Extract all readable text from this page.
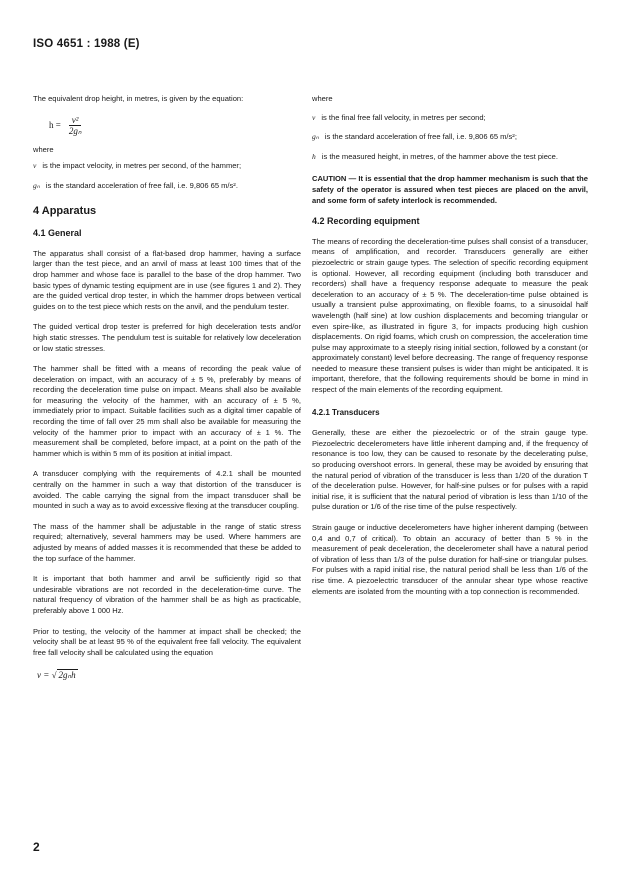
ISO 4651 : 1988 (E)

The equivalent drop height, in metres, is given by the equation:

$h = \frac{\text{v²}}{\text{2gₙ}}$

where

v is the impact velocity, in metres per second, of the hammer;
gₙ is the standard acceleration of free fall, i.e. 9,806 65 m/s².
4 Apparatus
4.1 General

The apparatus shall consist of a flat-based drop hammer, having a surface larger than the test piece, and an anvil of mass at least 100 times that of the drop hammer and whose face is parallel to the base of the drop hammer. Two basic types of dynamic testing equipment are in use (see figures 1 and 2). They are the guided vertical drop tester, in which the hammer drops between vertical guides on to the test piece which rests on the anvil, and the pendulum tester.

The guided vertical drop tester is preferred for high deceleration tests and/or high static stresses. The pendulum test is suitable for relatively low deceleration or low static stresses.

The hammer shall be fitted with a means of recording the peak value of deceleration on impact, with an accuracy of ± 5 %, preferably by means of recording the deceleration time pulse on impact. Means shall also be available for measuring the velocity of the hammer, with an accuracy of ± 5 %, immediately prior to impact. Suitable facilities such as a digital timer capable of recording the time of fall over 25 mm shall also be available for measuring the velocity of the hammer prior to impact with an accuracy of ± 1 %. The measurement shall be completed, before impact, at a point on the path of the hammer which is within 5 mm of its position at initial impact.

A transducer complying with the requirements of 4.2.1 shall be mounted centrally on the hammer in such a way that distortion of the transducer is avoided. The cable carrying the signal from the impact transducer shall be mounted in such a way as to avoid excessive flexing at the transducer coupling.

The mass of the hammer shall be adjustable in the range of static stress required; alternatively, several hammers may be used. Where hammers are adjusted by means of added masses it is recommended that these be added to the top surface of the hammer.

It is important that both hammer and anvil be sufficiently rigid so that undesirable vibrations are not recorded in the deceleration-time curve. The natural frequency of vibration of the hammer shall be as high as practicable, preferably above 1 000 Hz.

Prior to testing, the velocity of the hammer at impact shall be checked; the velocity shall be at least 95 % of the equivalent free fall velocity. The equivalent free fall velocity shall be calculated using the equation

v = √ 2gₙh

where

v is the final free fall velocity, in metres per second;
gₙ is the standard acceleration of free fall, i.e. 9,806 65 m/s²;
h is the measured height, in metres, of the hammer above the test piece.

CAUTION — It is essential that the drop hammer mechanism is such that the safety of the operator is assured when test pieces are placed on the anvil, and some form of safety interlock is recommended.

4.2 Recording equipment

The means of recording the deceleration-time pulses shall consist of a transducer, means of amplification, and recorder. Transducers generally are either piezoelectric or strain gauge types. The selection of specific recording equipment is optional. However, all recording equipment (including both transducer and recorders) shall have a frequency response adequate to measure the peak deceleration to an accuracy of ± 5 %. The deceleration-time pulse obtained is usually a transient pulse approximating, on flexible foams, to a sinusoidal half wavelength (half sine) at low cushion displacements and becoming triangular or even spire-like, as illustrated in figure 3, for impacts producing high cushion displacements. On rigid foams, which crush on compression, the acceleration time pulse may approximate to a steeply rising initial section, followed by a constant (or approximately constant) level before decreasing. The range of frequency response needed to measure these transient pulses is wider than might be anticipated. It is important, therefore, that the following requirements should be borne in mind in respect of the main elements of the recording equipment.

4.2.1 Transducers

Generally, these are either the piezoelectric or of the strain gauge type. Piezoelectric decelerometers have little inherent damping and, if the frequency of resonance is too low, they can be caused to resonate by the decelerating pulse, so producing overshoot errors. In general, these may be avoided by ensuring that the natural period of vibration of the transducer is less than 1/20 of the duration T of the deceleration pulse. However, for half-sine pulses or for pulses with a rapid initial rise, it is sufficient that the natural period of vibration is less than 1/10 of the pulse duration or 1/6 of the rise time of the pulse respectively.

Strain gauge or inductive decelerometers have higher inherent damping (between 0,4 and 0,7 of critical). To obtain an accuracy of better than 5 % in the measurement of peak deceleration, the decelerometer shall have a natural period of vibration of less than 1/3 of the pulse duration for half-sine or triangular pulses. For pulses with a rapid initial rise, the natural period shall be less than 1/6 of the rise time. A piezoelectric transducer of the annular shear type whose reactive elements are isolated from the mounting with a top connection is recommended.

2
